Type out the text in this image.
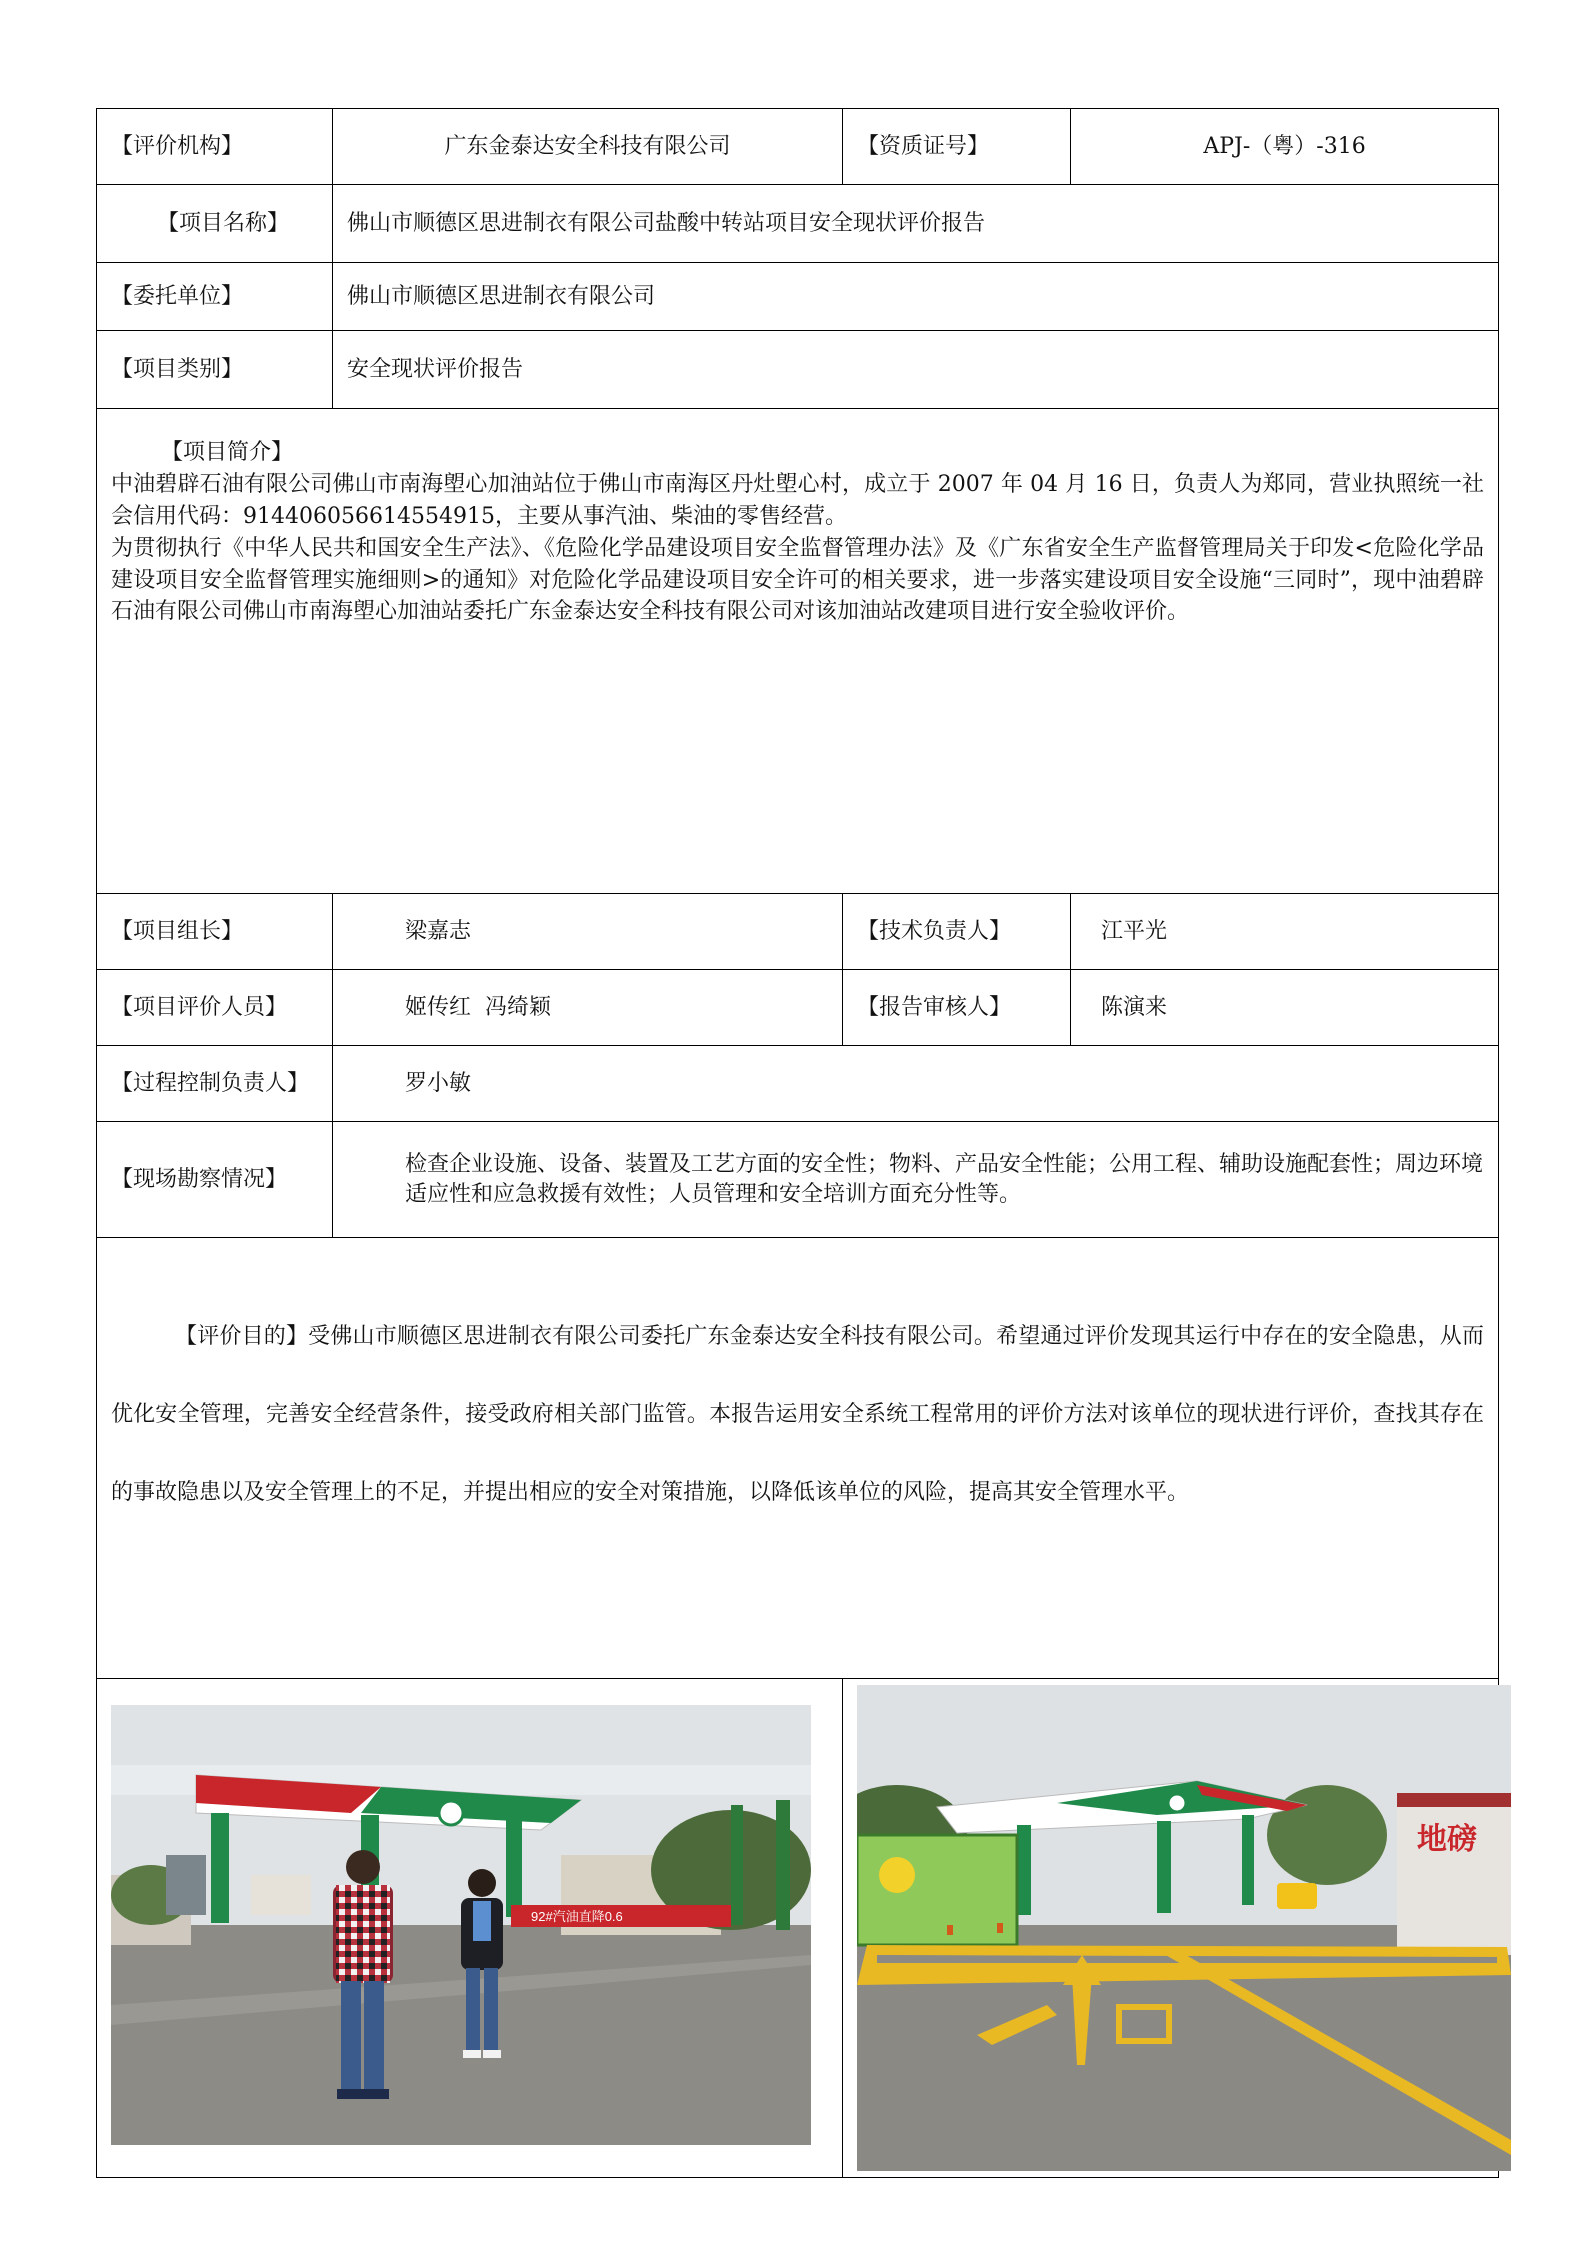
【评价机构】	广东金泰达安全科技有限公司	【资质证号】	APJ-（粤）-316
【项目名称】	佛山市顺德区思进制衣有限公司盐酸中转站项目安全现状评价报告		
【委托单位】	佛山市顺德区思进制衣有限公司		
【项目类别】	安全现状评价报告		

【项目简介】

中油碧辟石油有限公司佛山市南海塱心加油站位于佛山市南海区丹灶塱心村，成立于 2007 年 04 月 16 日，负责人为郑同，营业执照统一社会信用代码：91440605661455491​5，主要从事汽油、柴油的零售经营。

为贯彻执行《中华人民共和国安全生产法》、《危险化学品建设项目安全监督管理办法》及《广东省安全生产监督管理局关于印发<危险化学品建设项目安全监督管理实施细则>的通知》对危险化学品建设项目安全许可的相关要求，进一步落实建设项目安全设施“三同时”，现中油碧辟石油有限公司佛山市南海塱心加油站委托广东金泰达安全科技有限公司对该加油站改建项目进行安全验收评价。			

【项目组长】	梁嘉志	【技术负责人】	江平光
【项目评价人员】	姬传红  冯绮颖	【报告审核人】	陈演来
【过程控制负责人】	罗小敏		
【现场勘察情况】	检查企业设施、设备、装置及工艺方面的安全性；物料、产品安全性能；公用工程、辅助设施配套性；周边环境适应性和应急救援有效性；人员管理和安全培训方面充分性等。		

【评价目的】受佛山市顺德区思进制衣有限公司委托广东金泰达安全科技有限公司。希望通过评价发现其运行中存在的安全隐患，从而优化安全管理，完善安全经营条件，接受政府相关部门监管。本报告运用安全系统工程常用的评价方法对该单位的现状进行评价，查找其存在的事故隐患以及安全管理上的不足，并提出相应的安全对策措施，以降低该单位的风险，提高其安全管理水平。			

92#汽油直降0.6		地磅	
